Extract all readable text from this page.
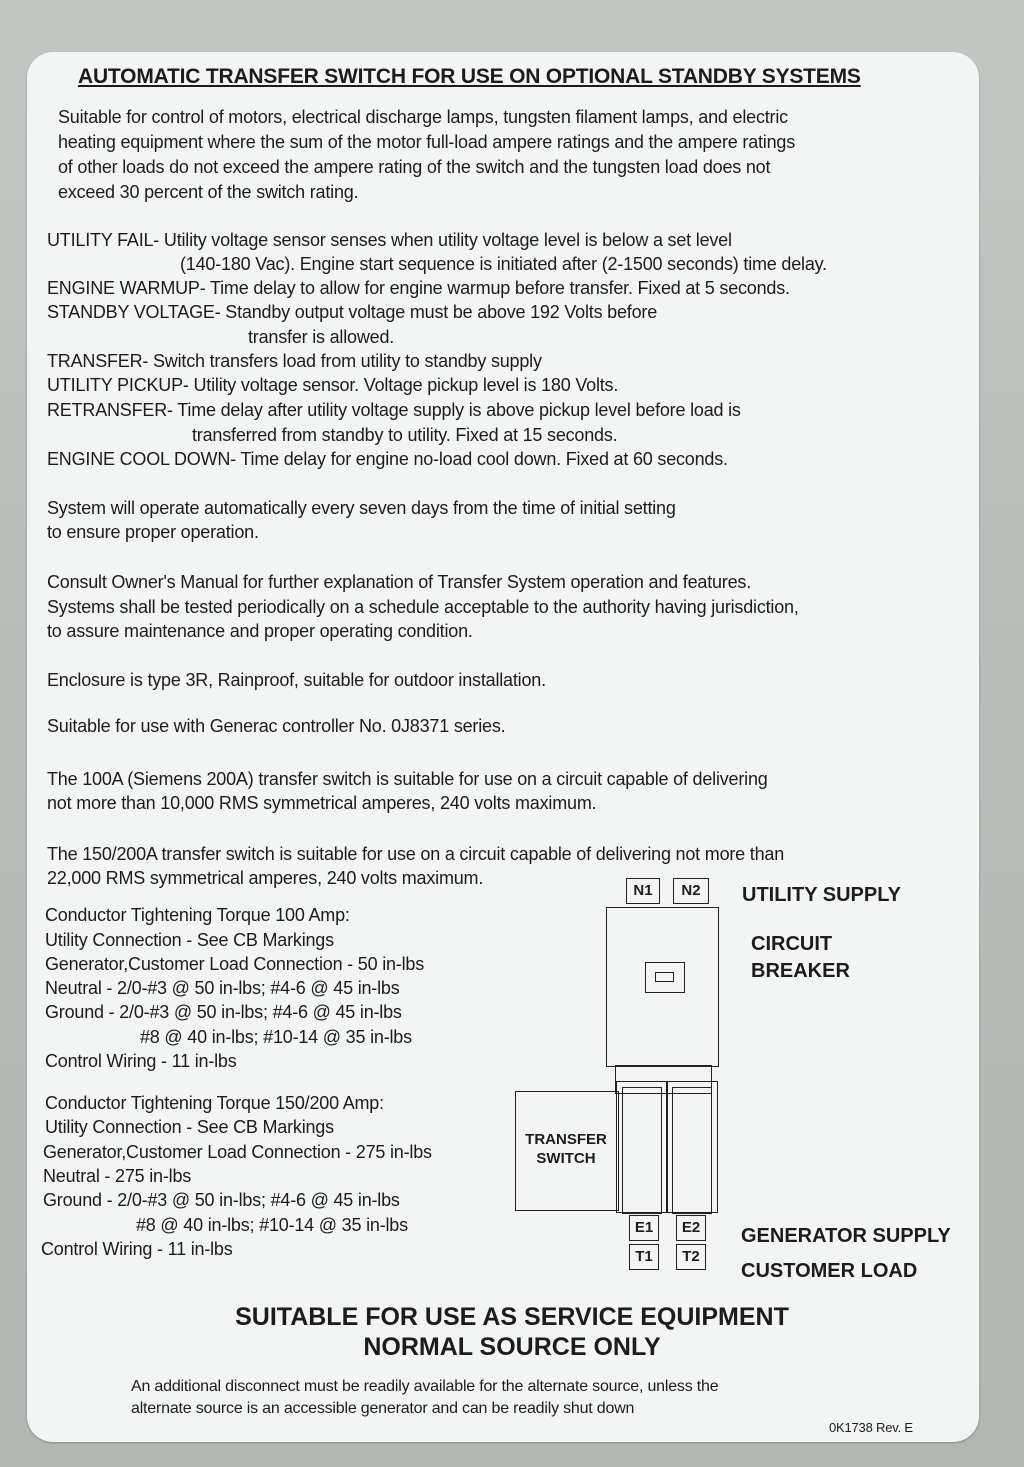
AUTOMATIC TRANSFER SWITCH FOR USE ON OPTIONAL STANDBY SYSTEMS
Suitable for control of motors, electrical discharge lamps, tungsten filament lamps, and electric
heating equipment where the sum of the motor full-load ampere ratings and the ampere ratings
of other loads do not exceed the ampere rating of the switch and the tungsten load does not
exceed 30 percent of the switch rating.
UTILITY FAIL- Utility voltage sensor senses when utility voltage level is below a set level
(140-180 Vac). Engine start sequence is initiated after (2-1500 seconds) time delay.
ENGINE WARMUP- Time delay to allow for engine warmup before transfer. Fixed at 5 seconds.
STANDBY VOLTAGE- Standby output voltage must be above 192 Volts before
transfer is allowed.
TRANSFER- Switch transfers load from utility to standby supply
UTILITY PICKUP- Utility voltage sensor. Voltage pickup level is 180 Volts.
RETRANSFER- Time delay after utility voltage supply is above pickup level before load is
transferred from standby to utility. Fixed at 15 seconds.
ENGINE COOL DOWN- Time delay for engine no-load cool down. Fixed at 60 seconds.
System will operate automatically every seven days from the time of initial setting
to ensure proper operation.
Consult Owner's Manual for further explanation of Transfer System operation and features.
Systems shall be tested periodically on a schedule acceptable to the authority having jurisdiction,
to assure maintenance and proper operating condition.
Enclosure is type 3R, Rainproof, suitable for outdoor installation.
Suitable for use with Generac controller No. 0J8371 series.
The 100A (Siemens 200A) transfer switch is suitable for use on a circuit capable of delivering
not more than 10,000 RMS symmetrical amperes, 240 volts maximum.
The 150/200A transfer switch is suitable for use on a circuit capable of delivering not more than
22,000 RMS symmetrical amperes, 240 volts maximum.
Conductor Tightening Torque 100 Amp:
Utility Connection - See CB Markings
Generator,Customer Load Connection - 50 in-lbs
Neutral - 2/0-#3 @ 50 in-lbs; #4-6 @ 45 in-lbs
Ground - 2/0-#3 @ 50 in-lbs; #4-6 @ 45 in-lbs
#8 @ 40 in-lbs; #10-14 @ 35 in-lbs
Control Wiring - 11 in-lbs
Conductor Tightening Torque 150/200 Amp:
Utility Connection - See CB Markings
Generator,Customer Load Connection - 275 in-lbs
Neutral - 275 in-lbs
Ground - 2/0-#3 @ 50 in-lbs; #4-6 @ 45 in-lbs
#8 @ 40 in-lbs; #10-14 @ 35 in-lbs
Control Wiring - 11 in-lbs
N1	N2
TRANSFER
SWITCH
E1	E2
T1	T2
UTILITY SUPPLY
CIRCUIT
BREAKER
GENERATOR SUPPLY
CUSTOMER LOAD
SUITABLE FOR USE AS SERVICE EQUIPMENT
NORMAL SOURCE ONLY
An additional disconnect must be readily available for the alternate source, unless the
alternate source is an accessible generator and can be readily shut down
0K1738 Rev. E
